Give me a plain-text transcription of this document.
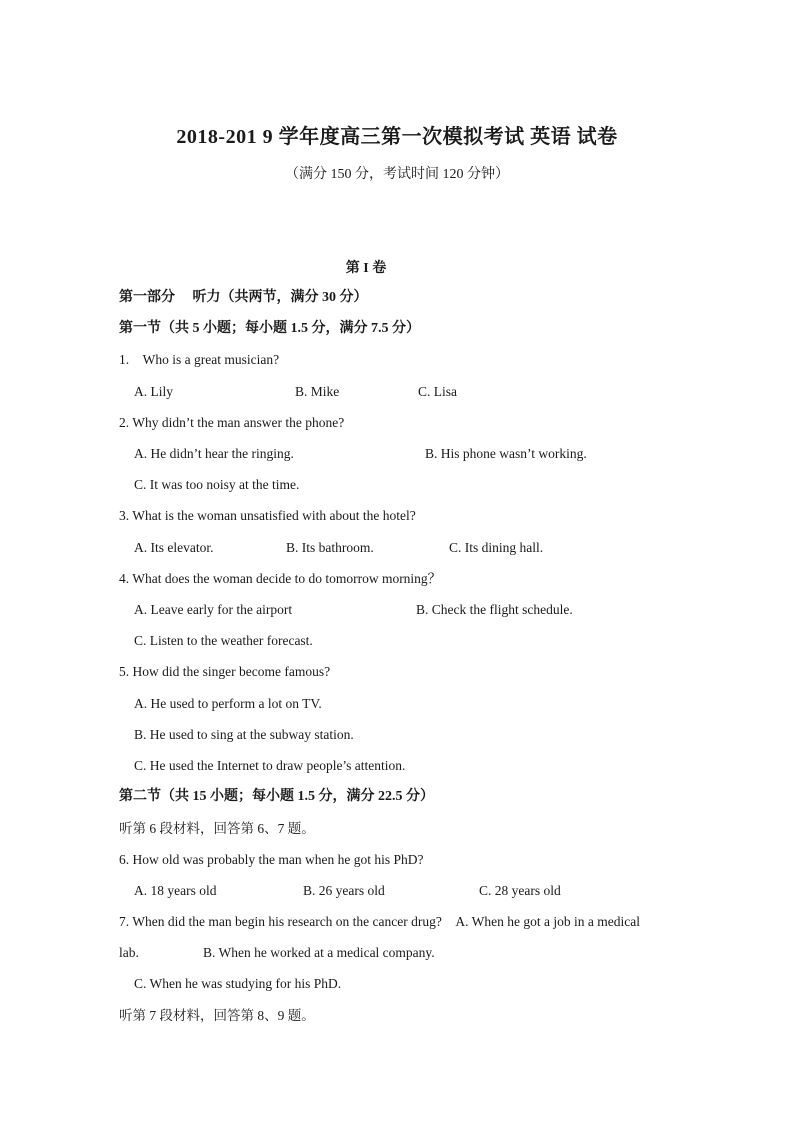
2018-201 9 学年度高三第一次模拟考试 英语 试卷
（满分 150 分，考试时间 120 分钟）
第 I 卷
第一部分 　听力（共两节，满分 30 分）
第一节（共 5 小题；每小题 1.5 分，满分 7.5 分）
1.　Who is a great musician?
A. Lily	B. Mike	C. Lisa
2. Why didn’t the man answer the phone?
A. He didn’t hear the ringing.	B. His phone wasn’t working.
C. It was too noisy at the time.
3. What is the woman unsatisfied with about the hotel?
A. Its elevator.	B. Its bathroom.	C. Its dining hall.
4. What does the woman decide to do tomorrow morning？
A. Leave early for the airport	B. Check the flight schedule.
C. Listen to the weather forecast.
5. How did the singer become famous?
A. He used to perform a lot on TV.
B. He used to sing at the subway station.
C. He used the Internet to draw people’s attention.
第二节（共 15 小题；每小题 1.5 分，满分 22.5 分）
听第 6 段材料，回答第 6、7 题。
6. How old was probably the man when he got his PhD?
A. 18 years old	B. 26 years old	C. 28 years old
7. When did the man begin his research on the cancer drug?　A. When he got a job in a medical
lab.	B. When he worked at a medical company.
C. When he was studying for his PhD.
听第 7 段材料，回答第 8、9 题。
